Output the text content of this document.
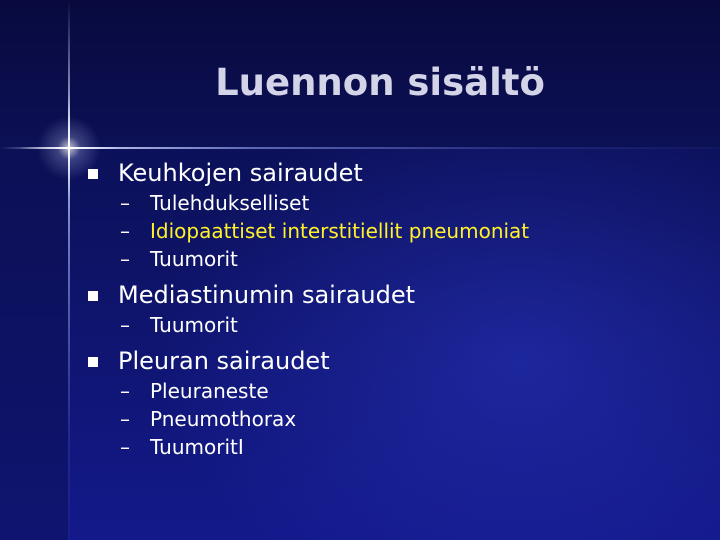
Luennon sisältö

Keuhkojen sairaudet

– Tulehdukselliset
– Idiopaattiset interstitiellit pneumoniat
– Tuumorit

Mediastinumin sairaudet

– Tuumorit

Pleuran sairaudet

– Pleuraneste
– Pneumothorax
– TuumoritI
